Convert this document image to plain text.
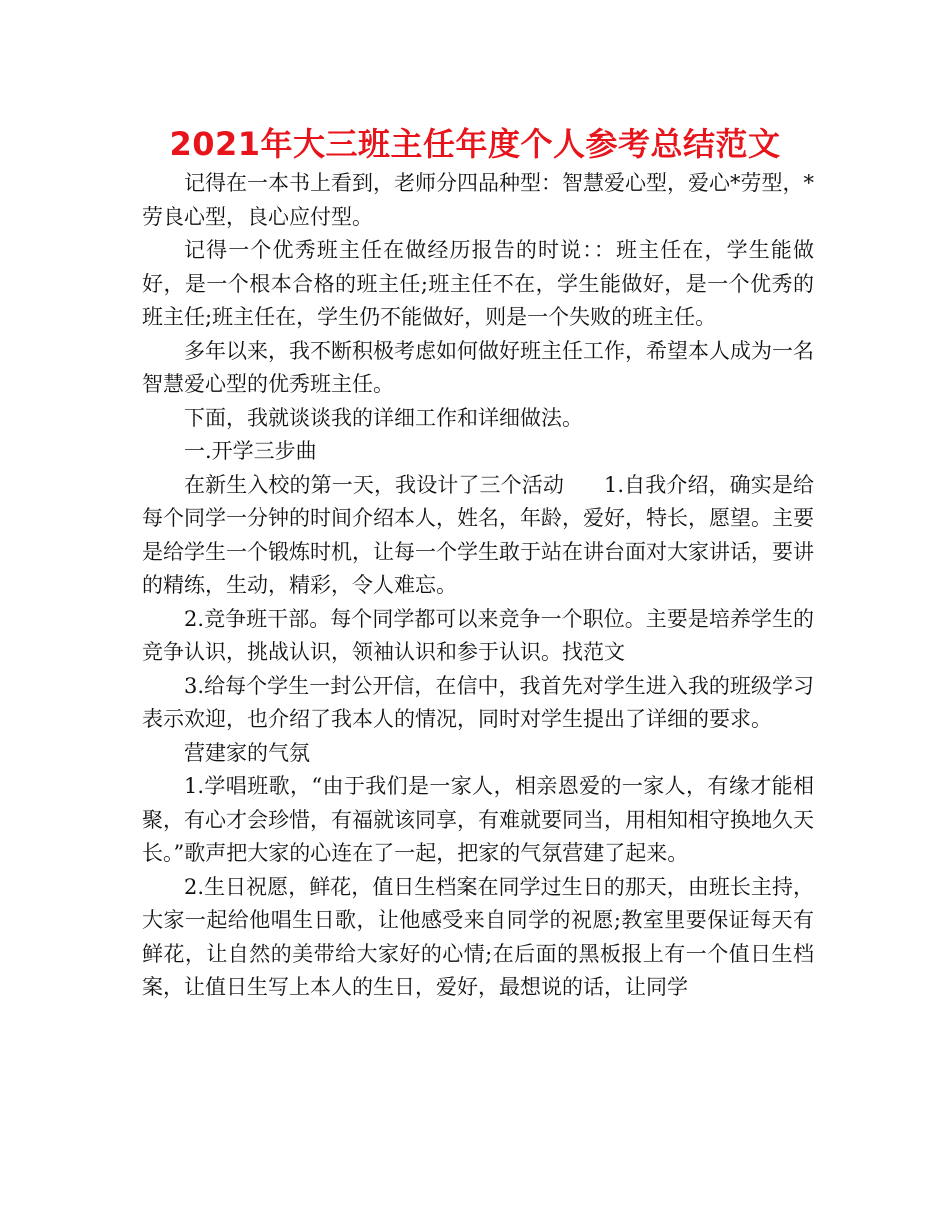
2021年大三班主任年度个人参考总结范文

记得在一本书上看到，老师分四品种型：智慧爱心型，爱心*劳型，*劳良心型，良心应付型。

记得一个优秀班主任在做经历报告的时说：：班主任在，学生能做好，是一个根本合格的班主任;班主任不在，学生能做好，是一个优秀的班主任;班主任在，学生仍不能做好，则是一个失败的班主任。

多年以来，我不断积极考虑如何做好班主任工作，希望本人成为一名智慧爱心型的优秀班主任。

下面，我就谈谈我的详细工作和详细做法。

一.开学三步曲

在新生入校的第一天，我设计了三个活动 1.自我介绍，确实是给每个同学一分钟的时间介绍本人，姓名，年龄，爱好，特长，愿望。主要是给学生一个锻炼时机，让每一个学生敢于站在讲台面对大家讲话，要讲的精练，生动，精彩，令人难忘。

2.竞争班干部。每个同学都可以来竞争一个职位。主要是培养学生的竞争认识，挑战认识，领袖认识和参于认识。找范文

3.给每个学生一封公开信，在信中，我首先对学生进入我的班级学习表示欢迎，也介绍了我本人的情况，同时对学生提出了详细的要求。

营建家的气氛

1.学唱班歌，“由于我们是一家人，相亲恩爱的一家人，有缘才能相聚，有心才会珍惜，有福就该同享，有难就要同当，用相知相守换地久天长。”歌声把大家的心连在了一起，把家的气氛营建了起来。

2.生日祝愿，鲜花，值日生档案在同学过生日的那天，由班长主持，大家一起给他唱生日歌，让他感受来自同学的祝愿;教室里要保证每天有鲜花，让自然的美带给大家好的心情;在后面的黑板报上有一个值日生档案，让值日生写上本人的生日，爱好，最想说的话，让同学
